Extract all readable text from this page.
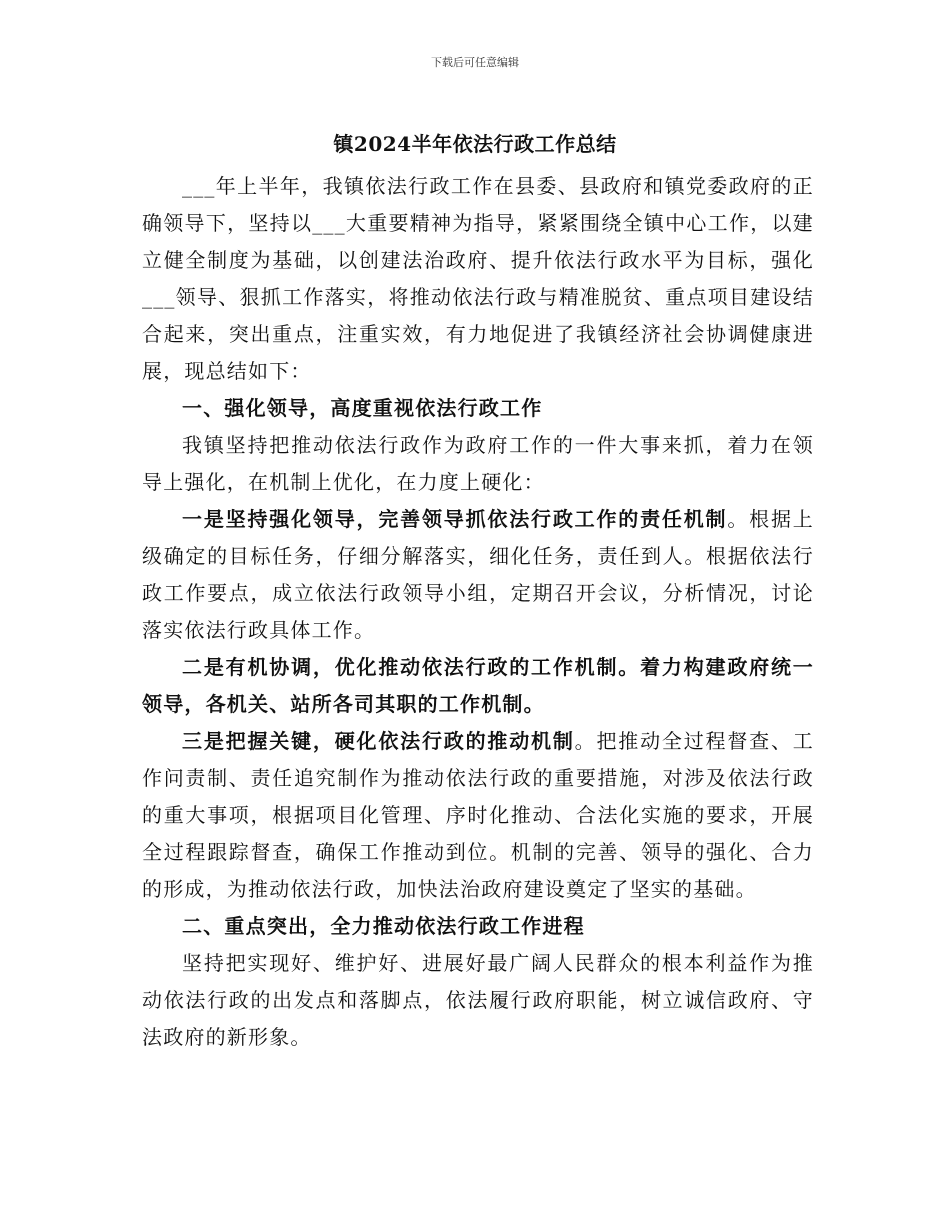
下载后可任意编辑
镇2024半年依法行政工作总结

___年上半年，我镇依法行政工作在县委、县政府和镇党委政府的正确领导下，坚持以___大重要精神为指导，紧紧围绕全镇中心工作，以建立健全制度为基础，以创建法治政府、提升依法行政水平为目标，强化___领导、狠抓工作落实，将推动依法行政与精准脱贫、重点项目建设结合起来，突出重点，注重实效，有力地促进了我镇经济社会协调健康进展，现总结如下：

一、强化领导，高度重视依法行政工作

我镇坚持把推动依法行政作为政府工作的一件大事来抓，着力在领导上强化，在机制上优化，在力度上硬化：

一是坚持强化领导，完善领导抓依法行政工作的责任机制。根据上级确定的目标任务，仔细分解落实，细化任务，责任到人。根据依法行政工作要点，成立依法行政领导小组，定期召开会议，分析情况，讨论落实依法行政具体工作。

二是有机协调，优化推动依法行政的工作机制。着力构建政府统一领导，各机关、站所各司其职的工作机制。

三是把握关键，硬化依法行政的推动机制。把推动全过程督查、工作问责制、责任追究制作为推动依法行政的重要措施，对涉及依法行政的重大事项，根据项目化管理、序时化推动、合法化实施的要求，开展全过程跟踪督查，确保工作推动到位。机制的完善、领导的强化、合力的形成，为推动依法行政，加快法治政府建设奠定了坚实的基础。

二、重点突出，全力推动依法行政工作进程

坚持把实现好、维护好、进展好最广阔人民群众的根本利益作为推动依法行政的出发点和落脚点，依法履行政府职能，树立诚信政府、守法政府的新形象。
